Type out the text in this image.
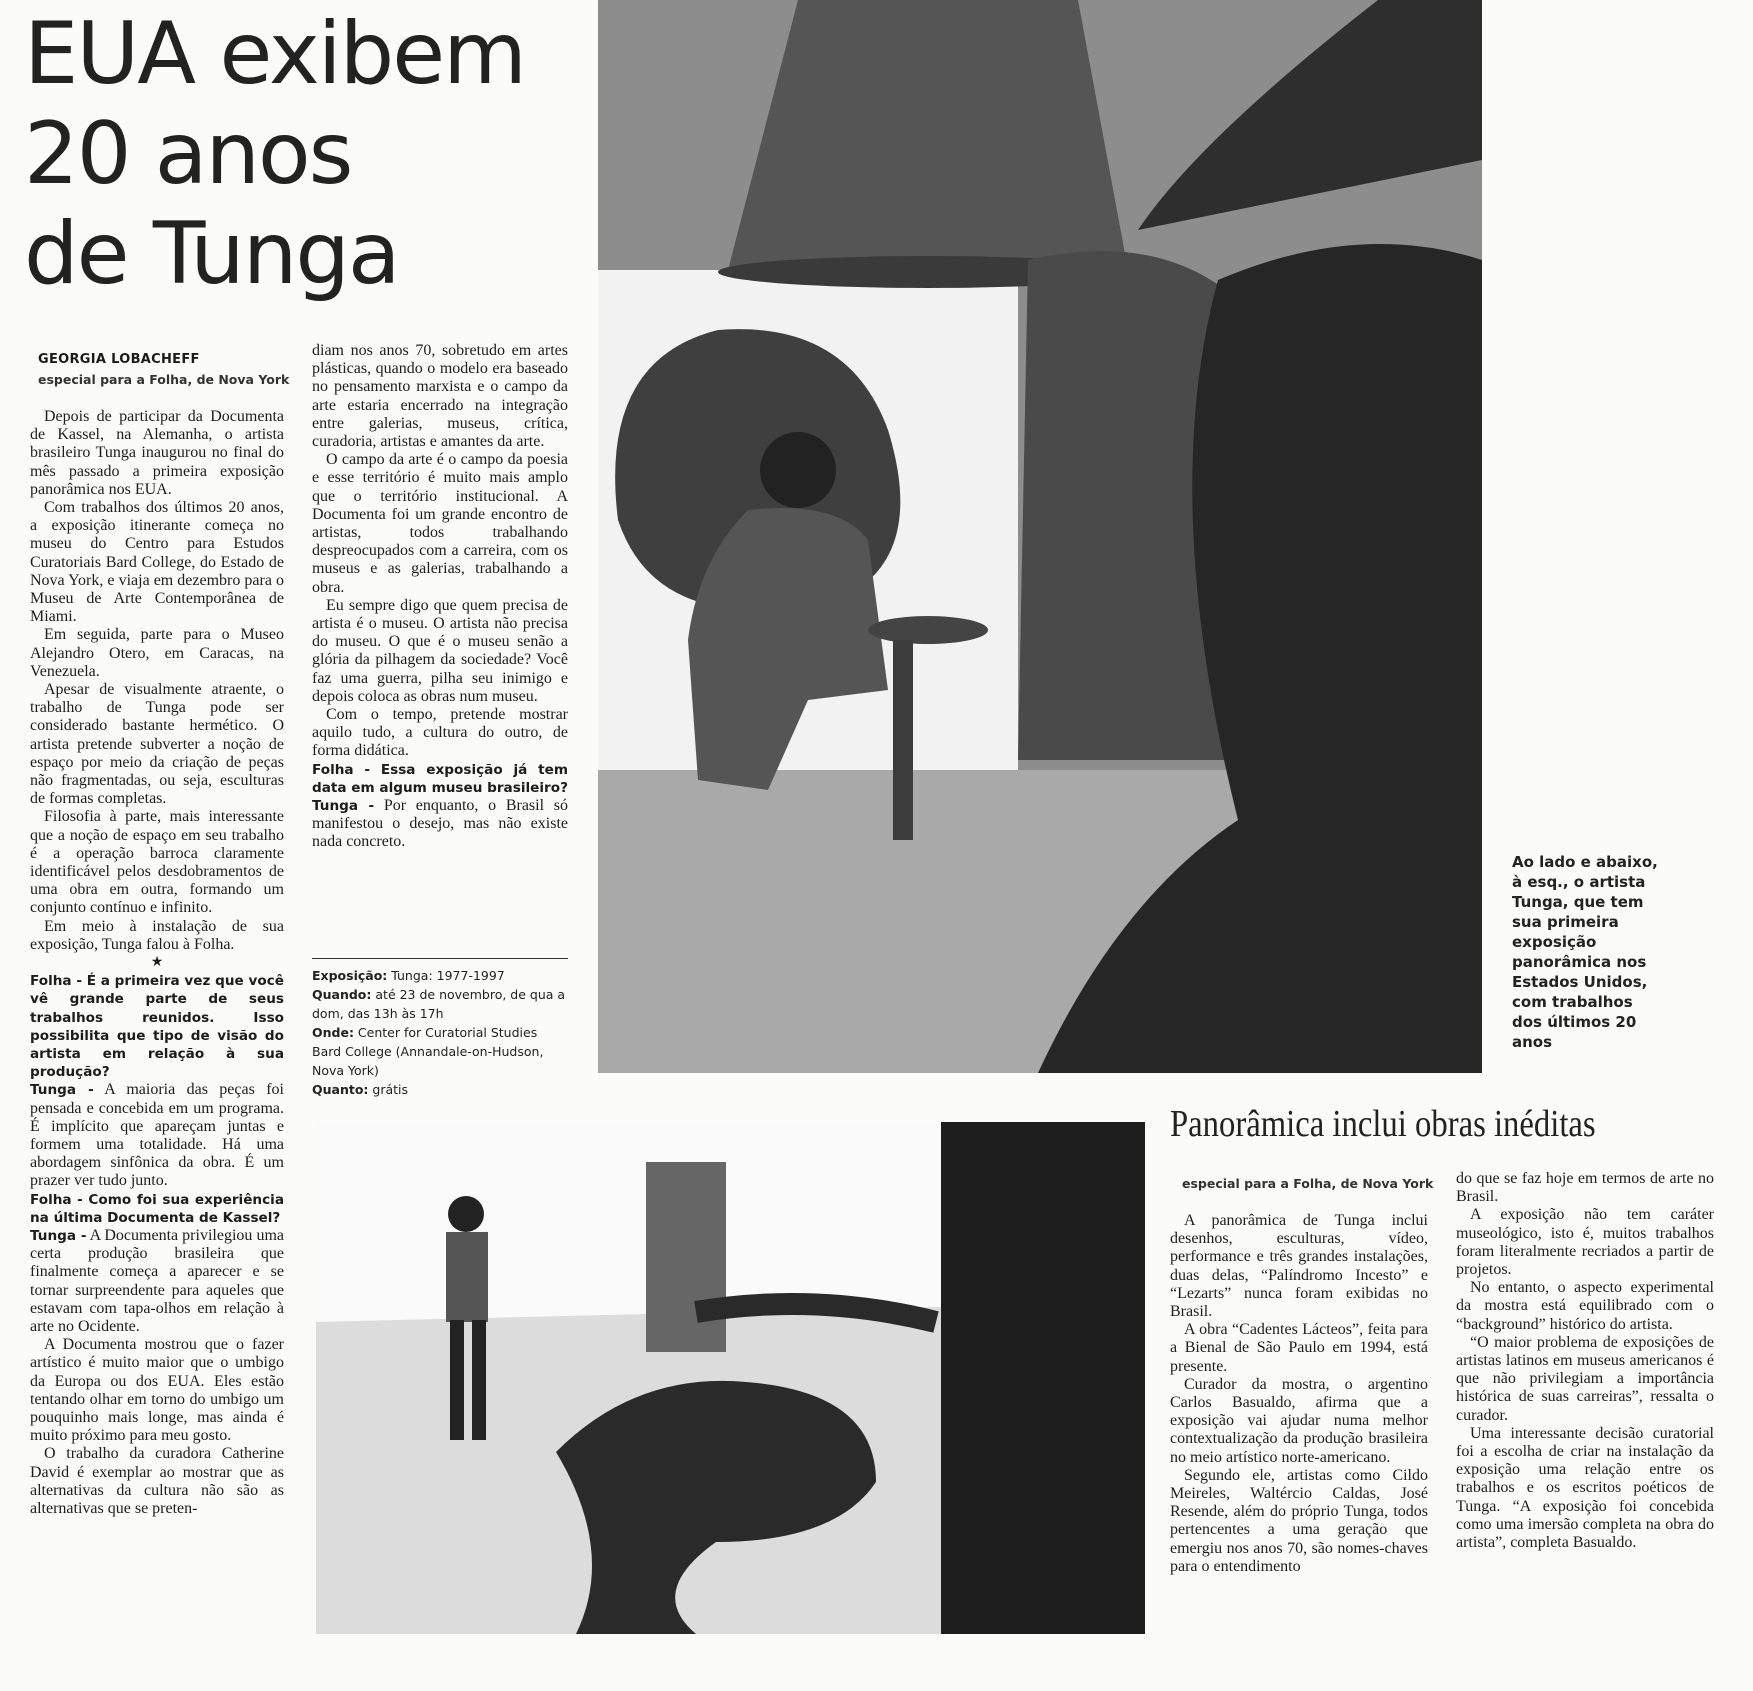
EUA exibem
20 anos
de Tunga
GEORGIA LOBACHEFF
especial para a Folha, de Nova York

Depois de participar da Documenta de Kassel, na Alemanha, o artista brasileiro Tunga inaugurou no final do mês passado a primeira exposição panorâmica nos EUA.

Com trabalhos dos últimos 20 anos, a exposição itinerante começa no museu do Centro para Estudos Curatoriais Bard College, do Estado de Nova York, e viaja em dezembro para o Museu de Arte Contemporânea de Miami.

Em seguida, parte para o Museo Alejandro Otero, em Caracas, na Venezuela.

Apesar de visualmente atraente, o trabalho de Tunga pode ser considerado bastante hermético. O artista pretende subverter a noção de espaço por meio da criação de peças não fragmentadas, ou seja, esculturas de formas completas.

Filosofia à parte, mais interessante que a noção de espaço em seu trabalho é a operação barroca claramente identificável pelos desdobramentos de uma obra em outra, formando um conjunto contínuo e infinito.

Em meio à instalação de sua exposição, Tunga falou à Folha.

★

Folha - É a primeira vez que você vê grande parte de seus trabalhos reunidos. Isso possibilita que tipo de visão do artista em relação à sua produção?

Tunga - A maioria das peças foi pensada e concebida em um programa. É implícito que apareçam juntas e formem uma totalidade. Há uma abordagem sinfônica da obra. É um prazer ver tudo junto.

Folha - Como foi sua experiência na última Documenta de Kassel?

Tunga - A Documenta privilegiou uma certa produção brasileira que finalmente começa a aparecer e se tornar surpreendente para aqueles que estavam com tapa-olhos em relação à arte no Ocidente.

A Documenta mostrou que o fazer artístico é muito maior que o umbigo da Europa ou dos EUA. Eles estão tentando olhar em torno do umbigo um pouquinho mais longe, mas ainda é muito próximo para meu gosto.

O trabalho da curadora Catherine David é exemplar ao mostrar que as alternativas da cultura não são as alternativas que se preten-

diam nos anos 70, sobretudo em artes plásticas, quando o modelo era baseado no pensamento marxista e o campo da arte estaria encerrado na integração entre galerias, museus, crítica, curadoria, artistas e amantes da arte.

O campo da arte é o campo da poesia e esse território é muito mais amplo que o território institucional. A Documenta foi um grande encontro de artistas, todos trabalhando despreocupados com a carreira, com os museus e as galerias, trabalhando a obra.

Eu sempre digo que quem precisa de artista é o museu. O artista não precisa do museu. O que é o museu senão a glória da pilhagem da sociedade? Você faz uma guerra, pilha seu inimigo e depois coloca as obras num museu.

Com o tempo, pretende mostrar aquilo tudo, a cultura do outro, de forma didática.

Folha - Essa exposição já tem data em algum museu brasileiro?

Tunga - Por enquanto, o Brasil só manifestou o desejo, mas não existe nada concreto.

Exposição: Tunga: 1977-1997
Quando: até 23 de novembro, de qua a dom, das 13h às 17h
Onde: Center for Curatorial Studies Bard College (Annandale-on-Hudson, Nova York)
Quanto: grátis
Ao lado e abaixo, à esq., o artista Tunga, que tem sua primeira exposição panorâmica nos Estados Unidos, com trabalhos dos últimos 20 anos
Panorâmica inclui obras inéditas
especial para a Folha, de Nova York

A panorâmica de Tunga inclui desenhos, esculturas, vídeo, performance e três grandes instalações, duas delas, “Palíndromo Incesto” e “Lezarts” nunca foram exibidas no Brasil.

A obra “Cadentes Lácteos”, feita para a Bienal de São Paulo em 1994, está presente.

Curador da mostra, o argentino Carlos Basualdo, afirma que a exposição vai ajudar numa melhor contextualização da produção brasileira no meio artístico norte-americano.

Segundo ele, artistas como Cildo Meireles, Waltércio Caldas, José Resende, além do próprio Tunga, todos pertencentes a uma geração que emergiu nos anos 70, são nomes-chaves para o entendimento

do que se faz hoje em termos de arte no Brasil.

A exposição não tem caráter museológico, isto é, muitos trabalhos foram literalmente recriados a partir de projetos.

No entanto, o aspecto experimental da mostra está equilibrado com o “background” histórico do artista.

“O maior problema de exposições de artistas latinos em museus americanos é que não privilegiam a importância histórica de suas carreiras”, ressalta o curador.

Uma interessante decisão curatorial foi a escolha de criar na instalação da exposição uma relação entre os trabalhos e os escritos poéticos de Tunga. “A exposição foi concebida como uma imersão completa na obra do artista”, completa Basualdo.
